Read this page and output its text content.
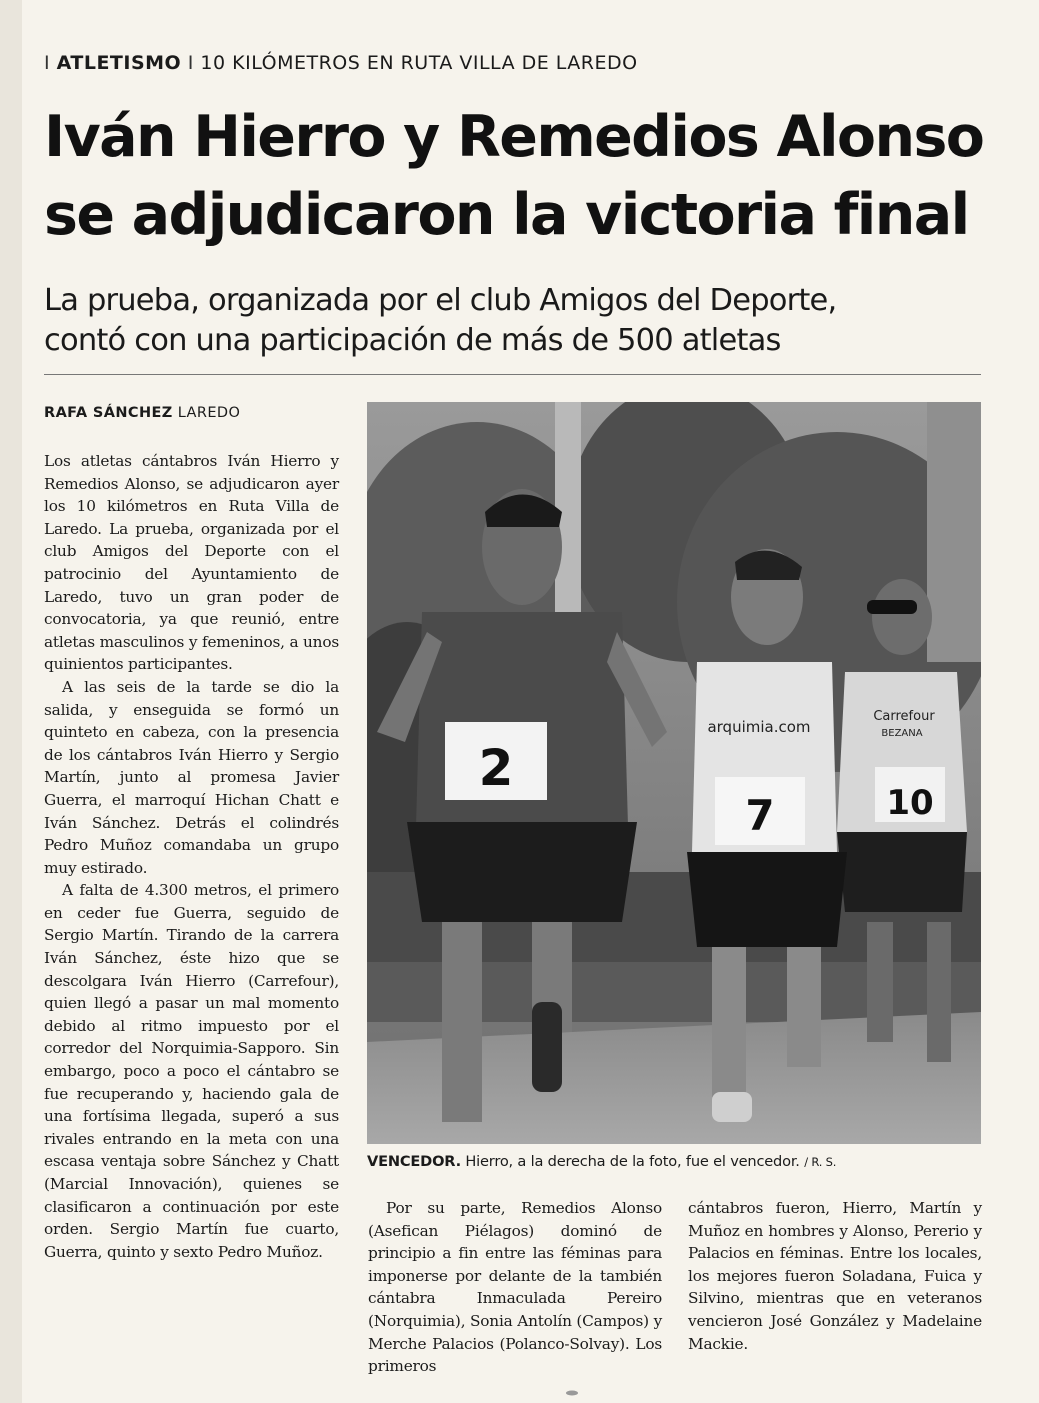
I ATLETISMO I 10 KILÓMETROS EN RUTA VILLA DE LAREDO
Iván Hierro y Remedios Alonso
se adjudicaron la victoria final
La prueba, organizada por el club Amigos del Deporte,
contó con una participación de más de 500 atletas
RAFA SÁNCHEZ LAREDO

Los atletas cántabros Iván Hierro y Remedios Alonso, se adjudicaron ayer los 10 kilómetros en Ruta Villa de Laredo. La prueba, organizada por el club Amigos del Deporte con el patrocinio del Ayuntamiento de Laredo, tuvo un gran poder de convocatoria, ya que reunió, entre atletas masculinos y femeninos, a unos quinientos participantes.

A las seis de la tarde se dio la salida, y enseguida se formó un quinteto en cabeza, con la presencia de los cántabros Iván Hierro y Sergio Martín, junto al promesa Javier Guerra, el marroquí Hichan Chatt e Iván Sánchez. Detrás el colindrés Pedro Muñoz comandaba un grupo muy estirado.

A falta de 4.300 metros, el primero en ceder fue Guerra, seguido de Sergio Martín. Tirando de la carrera Iván Sánchez, éste hizo que se descolgara Iván Hierro (Carrefour), quien llegó a pasar un mal momento debido al ritmo impuesto por el corredor del Norquimia-Sapporo. Sin embargo, poco a poco el cántabro se fue recuperando y, haciendo gala de una fortísima llegada, superó a sus rivales entrando en la meta con una escasa ventaja sobre Sánchez y Chatt (Marcial Innovación), quienes se clasificaron a continuación por este orden. Sergio Martín fue cuarto, Guerra, quinto y sexto Pedro Muñoz.

10
Carrefour
BEZANA
7
arquimia.com
2
VENCEDOR. Hierro, a la derecha de la foto, fue el vencedor. / R. S.

Por su parte, Remedios Alonso (Asefican Piélagos) dominó de principio a fin entre las féminas para imponerse por delante de la también cántabra Inmaculada Pereiro (Norquimia), Sonia Antolín (Campos) y Merche Palacios (Polanco-Solvay). Los primeros

cántabros fueron, Hierro, Martín y Muñoz en hombres y Alonso, Pererio y Palacios en féminas. Entre los locales, los mejores fueron Soladana, Fuica y Silvino, mientras que en veteranos vencieron José González y Madelaine Mackie.
